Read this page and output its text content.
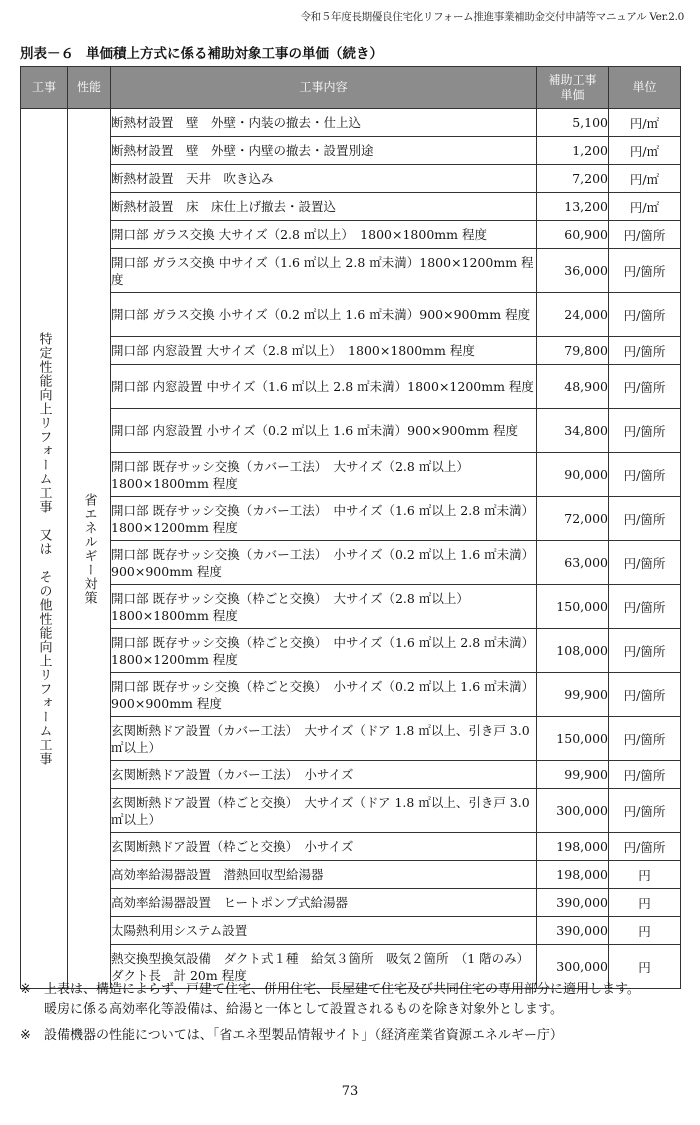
令和５年度長期優良住宅化リフォーム推進事業補助金交付申請等マニュアル Ver.2.0
別表－６ 単価積上方式に係る補助対象工事の単価（続き）
工事	性能	工事内容	補助工事単価	単位

特定性能向上リフォーム工事　又は　その他性能向上リフォーム工事	省エネルギー対策	断熱材設置　壁　外壁・内装の撤去・仕上込	5,100	円/㎡
		断熱材設置　壁　外壁・内壁の撤去・設置別途	1,200	円/㎡
		断熱材設置　天井　吹き込み	7,200	円/㎡
		断熱材設置　床　床仕上げ撤去・設置込	13,200	円/㎡
		開口部 ガラス交換 大サイズ（2.8 ㎡以上）　1800×1800mm 程度	60,900	円/箇所
		開口部 ガラス交換 中サイズ（1.6 ㎡以上 2.8 ㎡未満）1800×1200mm 程度	36,000	円/箇所
		開口部 ガラス交換 小サイズ（0.2 ㎡以上 1.6 ㎡未満）900×900mm 程度	24,000	円/箇所
		開口部 内窓設置 大サイズ（2.8 ㎡以上）　1800×1800mm 程度	79,800	円/箇所
		開口部 内窓設置 中サイズ（1.6 ㎡以上 2.8 ㎡未満）1800×1200mm 程度	48,900	円/箇所
		開口部 内窓設置 小サイズ（0.2 ㎡以上 1.6 ㎡未満）900×900mm 程度	34,800	円/箇所
		開口部 既存サッシ交換（カバー工法）　大サイズ（2.8 ㎡以上）1800×1800mm 程度	90,000	円/箇所
		開口部 既存サッシ交換（カバー工法）　中サイズ（1.6 ㎡以上 2.8 ㎡未満）　1800×1200mm 程度	72,000	円/箇所
		開口部 既存サッシ交換（カバー工法）　小サイズ（0.2 ㎡以上 1.6 ㎡未満）　900×900mm 程度	63,000	円/箇所
		開口部 既存サッシ交換（枠ごと交換）　大サイズ（2.8 ㎡以上）1800×1800mm 程度	150,000	円/箇所
		開口部 既存サッシ交換（枠ごと交換）　中サイズ（1.6 ㎡以上 2.8 ㎡未満）　1800×1200mm 程度	108,000	円/箇所
		開口部 既存サッシ交換（枠ごと交換）　小サイズ（0.2 ㎡以上 1.6 ㎡未満）　900×900mm 程度	99,900	円/箇所
		玄関断熱ドア設置（カバー工法）　大サイズ（ドア 1.8 ㎡以上、引き戸 3.0 ㎡以上）	150,000	円/箇所
		玄関断熱ドア設置（カバー工法）　小サイズ	99,900	円/箇所
		玄関断熱ドア設置（枠ごと交換）　大サイズ（ドア 1.8 ㎡以上、引き戸 3.0 ㎡以上）	300,000	円/箇所
		玄関断熱ドア設置（枠ごと交換）　小サイズ	198,000	円/箇所
		高効率給湯器設置　潜熱回収型給湯器	198,000	円
		高効率給湯器設置　ヒートポンプ式給湯器	390,000	円
		太陽熱利用システム設置	390,000	円
		熱交換型換気設備　ダクト式１種　給気３箇所　吸気２箇所　（1 階のみ）　ダクト長　計 20m 程度	300,000	円
※ 上表は、構造によらず、戸建て住宅、併用住宅、長屋建て住宅及び共同住宅の専用部分に適用します。

暖房に係る高効率化等設備は、給湯と一体として設置されるものを除き対象外とします。

※ 設備機器の性能については、「省エネ型製品情報サイト」（経済産業省資源エネルギー庁）

73
